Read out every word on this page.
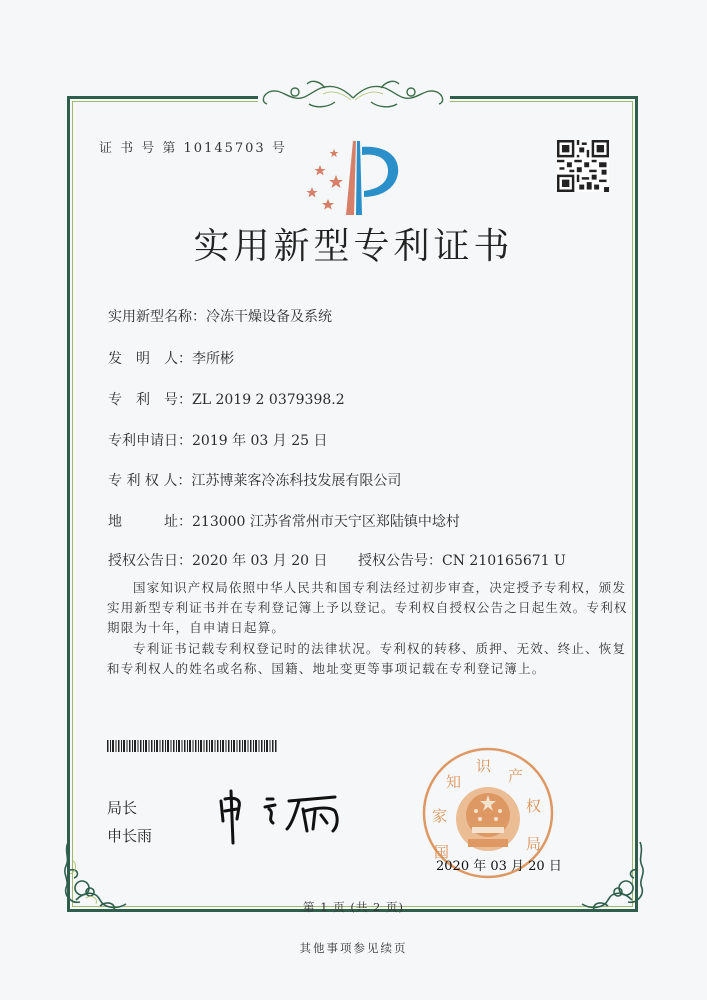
证 书 号 第 10145703 号
实用新型专利证书
实用新型名称：冷冻干燥设备及系统
发　明　人：李所彬
专　利　号：ZL 2019 2 0379398.2
专利申请日：2019 年 03 月 25 日
专 利 权 人：江苏博莱客冷冻科技发展有限公司
地　　　址：213000 江苏省常州市天宁区郑陆镇中埝村
授权公告日：2020 年 03 月 20 日 授权公告号：CN 210165671 U

国家知识产权局依照中华人民共和国专利法经过初步审查，决定授予专利权，颁发实用新型专利证书并在专利登记簿上予以登记。专利权自授权公告之日起生效。专利权期限为十年，自申请日起算。

专利证书记载专利权登记时的法律状况。专利权的转移、质押、无效、终止、恢复和专利权人的姓名或名称、国籍、地址变更等事项记载在专利登记簿上。

局长
申长雨
国
家
知
识
产
权
局
2020 年 03 月 20 日
第 1 页 (共 2 页)
其他事项参见续页
